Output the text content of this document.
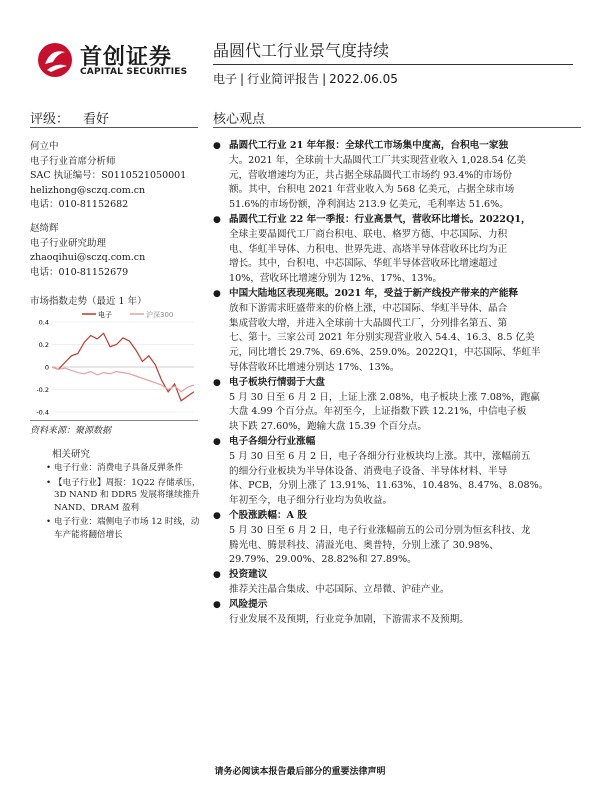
首创证券
CAPITAL SECURITIES
晶圆代工行业景气度持续
电子 | 行业简评报告 | 2022.06.05
评级： 看好	核心观点
何立中
电子行业首席分析师
SAC 执证编号：S0110521050001
helizhong@sczq.com.cn
电话：010-81152682
赵绮辉
电子行业研究助理
zhaoqihui@sczq.com.cn
电话：010-81152679
市场指数走势（最近 1 年）
0.4
0.2
0
-0.2
-0.4
电子	沪深300
资料来源：聚源数据
相关研究
• 电子行业：消费电子具备反弹条件
• 【电子行业】周报：1Q22 存储承压，
3D NAND 和 DDR5 发展将继续推升
NAND、DRAM 盈利
• 电子行业：端侧电子市场 12 时线，动
车产能将翻倍增长
● 晶圆代工行业 21 年年报：全球代工市场集中度高，台积电一家独
大。2021 年，全球前十大晶圆代工厂共实现营业收入 1,028.54 亿美
元，营收增速均为正，共占据全球晶圆代工市场约 93.4%的市场份
额。其中，台积电 2021 年营业收入为 568 亿美元，占据全球市场
51.6%的市场份额，净利润达 213.9 亿美元，毛利率达 51.6%。
● 晶圆代工行业 22 年一季报：行业高景气，营收环比增长。2022Q1，
全球主要晶圆代工厂商台积电、联电、格罗方德、中芯国际、力积
电、华虹半导体、力积电、世界先进、高塔半导体营收环比均为正
增长。其中，台积电、中芯国际、华虹半导体营收环比增速超过
10%，营收环比增速分别为 12%、17%、13%。
● 中国大陆地区表现亮眼。2021 年，受益于新产线投产带来的产能释
放和下游需求旺盛带来的价格上涨，中芯国际、华虹半导体、晶合
集成营收大增，并进入全球前十大晶圆代工厂，分列排名第五、第
七、第十。三家公司 2021 年分别实现营业收入 54.4、16.3、8.5 亿美
元，同比增长 29.7%、69.6%、259.0%。2022Q1，中芯国际、华虹半
导体营收环比增速分别达 17%、13%。
● 电子板块行情弱于大盘
5 月 30 日至 6 月 2 日，上证上涨 2.08%，电子板块上涨 7.08%，跑赢
大盘 4.99 个百分点。年初至今，上证指数下跌 12.21%，中信电子板
块下跌 27.60%，跑输大盘 15.39 个百分点。
● 电子各细分行业涨幅
5 月 30 日至 6 月 2 日，电子各细分行业板块均上涨。其中，涨幅前五
的细分行业板块为半导体设备、消费电子设备、半导体材料、半导
体、PCB，分别上涨了 13.91%、11.63%、10.48%、8.47%、8.08%。
年初至今，电子细分行业均为负收益。
● 个股涨跌幅：A 股
5 月 30 日至 6 月 2 日，电子行业涨幅前五的公司分别为恒玄科技、龙
腾光电、腾景科技、清溢光电、奥普特，分别上涨了 30.98%、
29.79%、29.00%、28.82%和 27.89%。
● 投资建议
推荐关注晶合集成、中芯国际、立昂微、沪硅产业。
● 风险提示
行业发展不及预期，行业竞争加剧，下游需求不及预期。
请务必阅读本报告最后部分的重要法律声明
